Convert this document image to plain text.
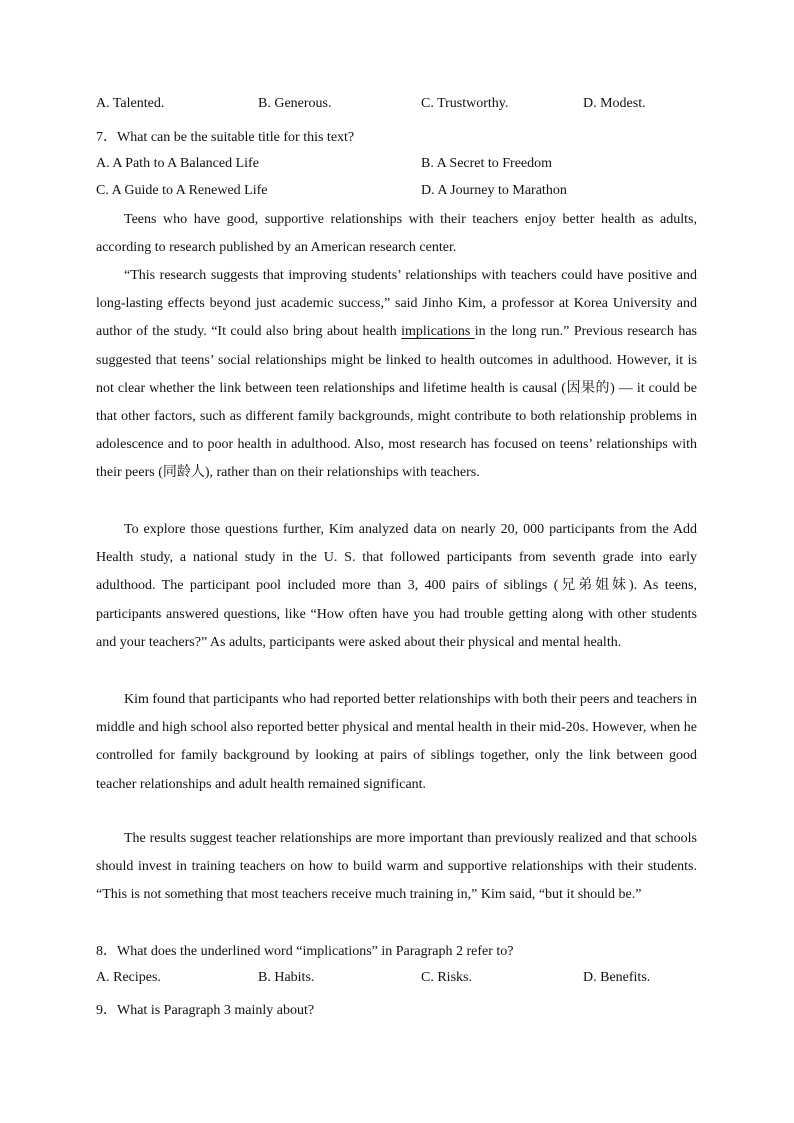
A. Talented.	B. Generous.	C. Trustworthy.	D. Modest.
7．What can be the suitable title for this text?
A. A Path to A Balanced Life	B. A Secret to Freedom
C. A Guide to A Renewed Life	D. A Journey to Marathon
Teens who have good, supportive relationships with their teachers enjoy better health as adults, according to research published by an American research center.
“This research suggests that improving students’ relationships with teachers could have positive and long-lasting effects beyond just academic success,” said Jinho Kim, a professor at Korea University and author of the study. “It could also bring about health implications in the long run.” Previous research has suggested that teens’ social relationships might be linked to health outcomes in adulthood. However, it is not clear whether the link between teen relationships and lifetime health is causal (因果的) — it could be that other factors, such as different family backgrounds, might contribute to both relationship problems in adolescence and to poor health in adulthood. Also, most research has focused on teens’ relationships with their peers (同龄人), rather than on their relationships with teachers.
To explore those questions further, Kim analyzed data on nearly 20, 000 participants from the Add Health study, a national study in the U. S. that followed participants from seventh grade into early adulthood. The participant pool included more than 3, 400 pairs of siblings (兄弟姐妹). As teens, participants answered questions, like “How often have you had trouble getting along with other students and your teachers?” As adults, participants were asked about their physical and mental health.
Kim found that participants who had reported better relationships with both their peers and teachers in middle and high school also reported better physical and mental health in their mid-20s. However, when he controlled for family background by looking at pairs of siblings together, only the link between good teacher relationships and adult health remained significant.
The results suggest teacher relationships are more important than previously realized and that schools should invest in training teachers on how to build warm and supportive relationships with their students. “This is not something that most teachers receive much training in,” Kim said, “but it should be.”
8．What does the underlined word “implications” in Paragraph 2 refer to?
A. Recipes.	B. Habits.	C. Risks.	D. Benefits.
9．What is Paragraph 3 mainly about?
